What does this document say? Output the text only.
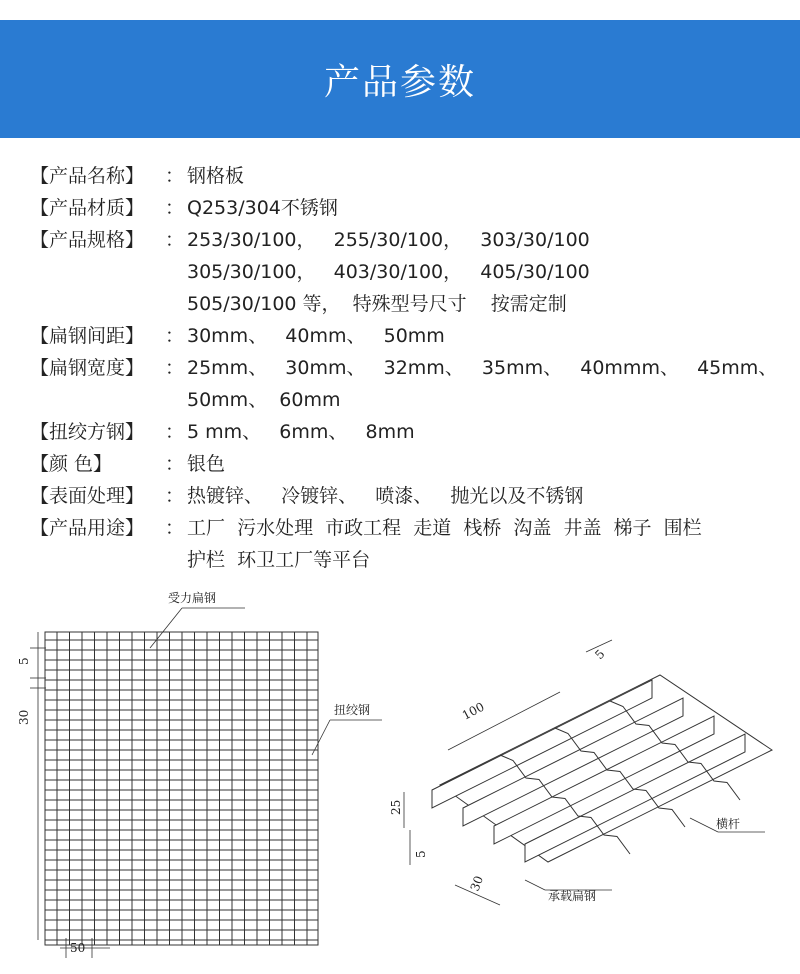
产品参数
【产品名称】	： 钢格板
【产品材质】	： Q253/304不锈钢
【产品规格】	： 253/30/100，   255/30/100，   303/30/100
305/30/100，   403/30/100，   405/30/100
505/30/100 等，  特殊型号尺寸    按需定制
【扁钢间距】	： 30mm、   40mm、   50mm
【扁钢宽度】	： 25mm、   30mm、   32mm、   35mm、   40mmm、   45mm、
50mm、  60mm
【扭绞方钢】	： 5 mm、   6mm、   8mm
【颜 色】	： 银色
【表面处理】	： 热镀锌、   冷镀锌、   喷漆、   抛光以及不锈钢
【产品用途】	： 工厂  污水处理  市政工程  走道  栈桥  沟盖  井盖  梯子  围栏
护栏  环卫工厂等平台
受力扁钢
扭绞钢
5
30
50
5
100
25
5
30
横杆
承载扁钢
